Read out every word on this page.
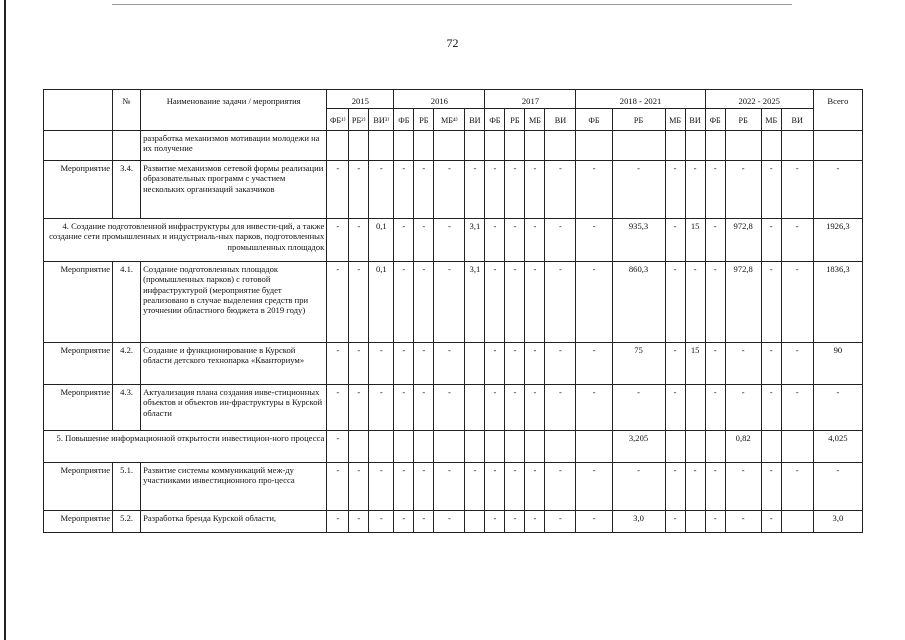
72
	№	Наименование задачи / мероприятия	2015			2016				2017				2018 - 2021				2022 - 2025				Всего
			ФБ¹⁾	РБ²⁾	ВИ³⁾	ФБ	РБ	МБ⁴⁾	ВИ	ФБ	РБ	МБ	ВИ	ФБ	РБ	МБ	ВИ	ФБ	РБ	МБ	ВИ	
		разработка механизмов мотивации молодежи на их получение																				
Мероприятие	3.4.	Развитие механизмов сетевой формы реализации образовательных программ с участием нескольких организаций заказчиков	-	-	-	-	-	-	-	-	-	-	-	-	-	-	-	-	-	-	-	-
4. Создание подготовленной инфраструктуры для инвести-ций, а также создание сети промышленных и индустриаль-ных парков, подготовленных промышленных площадок			-	-	0,1	-	-	-	3,1	-	-	-	-	-	935,3	-	15	-	972,8	-	-	1926,3
Мероприятие	4.1.	Создание подготовленных площадок (промышленных парков) с готовой инфраструктурой (мероприятие будет реализовано в случае выделения средств при уточнении областного бюджета в 2019 году)	-	-	0,1	-	-	-	3,1	-	-	-	-	-	860,3	-	-	-	972,8	-	-	1836,3
Мероприятие	4.2.	Создание и функционирование в Курской области детского технопарка «Кванториум»	-	-	-	-	-	-		-	-	-	-	-	75	-	15	-	-	-	-	90
Мероприятие	4.3.	Актуализация плана создания инве-стиционных объектов и объектов ин-фраструктуры в Курской области	-	-	-	-	-	-		-	-	-	-	-	-	-		-	-	-	-	-
5. Повышение информационной открытости инвестицион-ного процесса			-												3,205				0,82			4,025
Мероприятие	5.1.	Развитие системы коммуникаций меж-ду участниками инвестиционного про-цесса	-	-	-	-	-	-	-	-	-	-	-	-	-	-	-	-	-	-	-	-
Мероприятие	5.2.	Разработка бренда Курской области,	-	-	-	-	-	-		-	-	-	-	-	3,0	-		-	-	-		3,0
